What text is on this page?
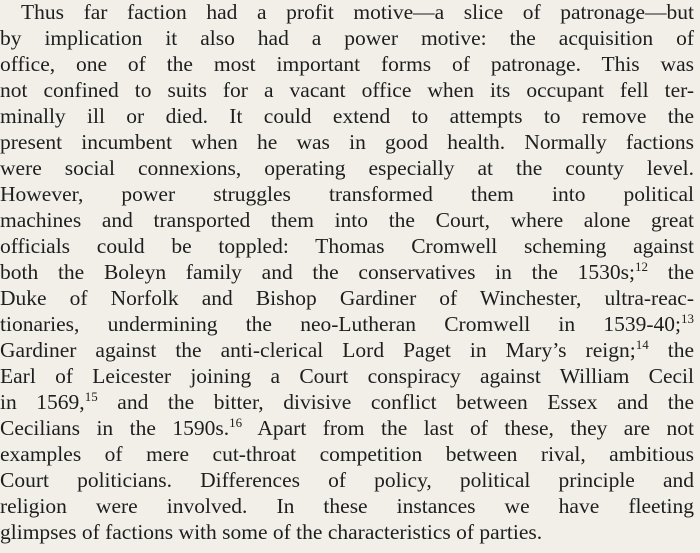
Thus far faction had a profit motive—a slice of patronage—but
by implication it also had a power motive: the acquisition of
office, one of the most important forms of patronage. This was
not confined to suits for a vacant office when its occupant fell ter-
minally ill or died. It could extend to attempts to remove the
present incumbent when he was in good health. Normally factions
were social connexions, operating especially at the county level.
However, power struggles transformed them into political
machines and transported them into the Court, where alone great
officials could be toppled: Thomas Cromwell scheming against
both the Boleyn family and the conservatives in the 1530s;$^{12}$ the
Duke of Norfolk and Bishop Gardiner of Winchester, ultra-reac-
tionaries, undermining the neo-Lutheran Cromwell in 1539-40;$^{13}$
Gardiner against the anti-clerical Lord Paget in Mary’s reign;$^{14}$ the
Earl of Leicester joining a Court conspiracy against William Cecil
in 1569,15 and the bitter, divisive conflict between Essex and the
Cecilians in the 1590s.$^{16}$ Apart from the last of these, they are not
examples of mere cut-throat competition between rival, ambitious
Court politicians. Differences of policy, political principle and
religion were involved. In these instances we have fleeting
glimpses of factions with some of the characteristics of parties.
